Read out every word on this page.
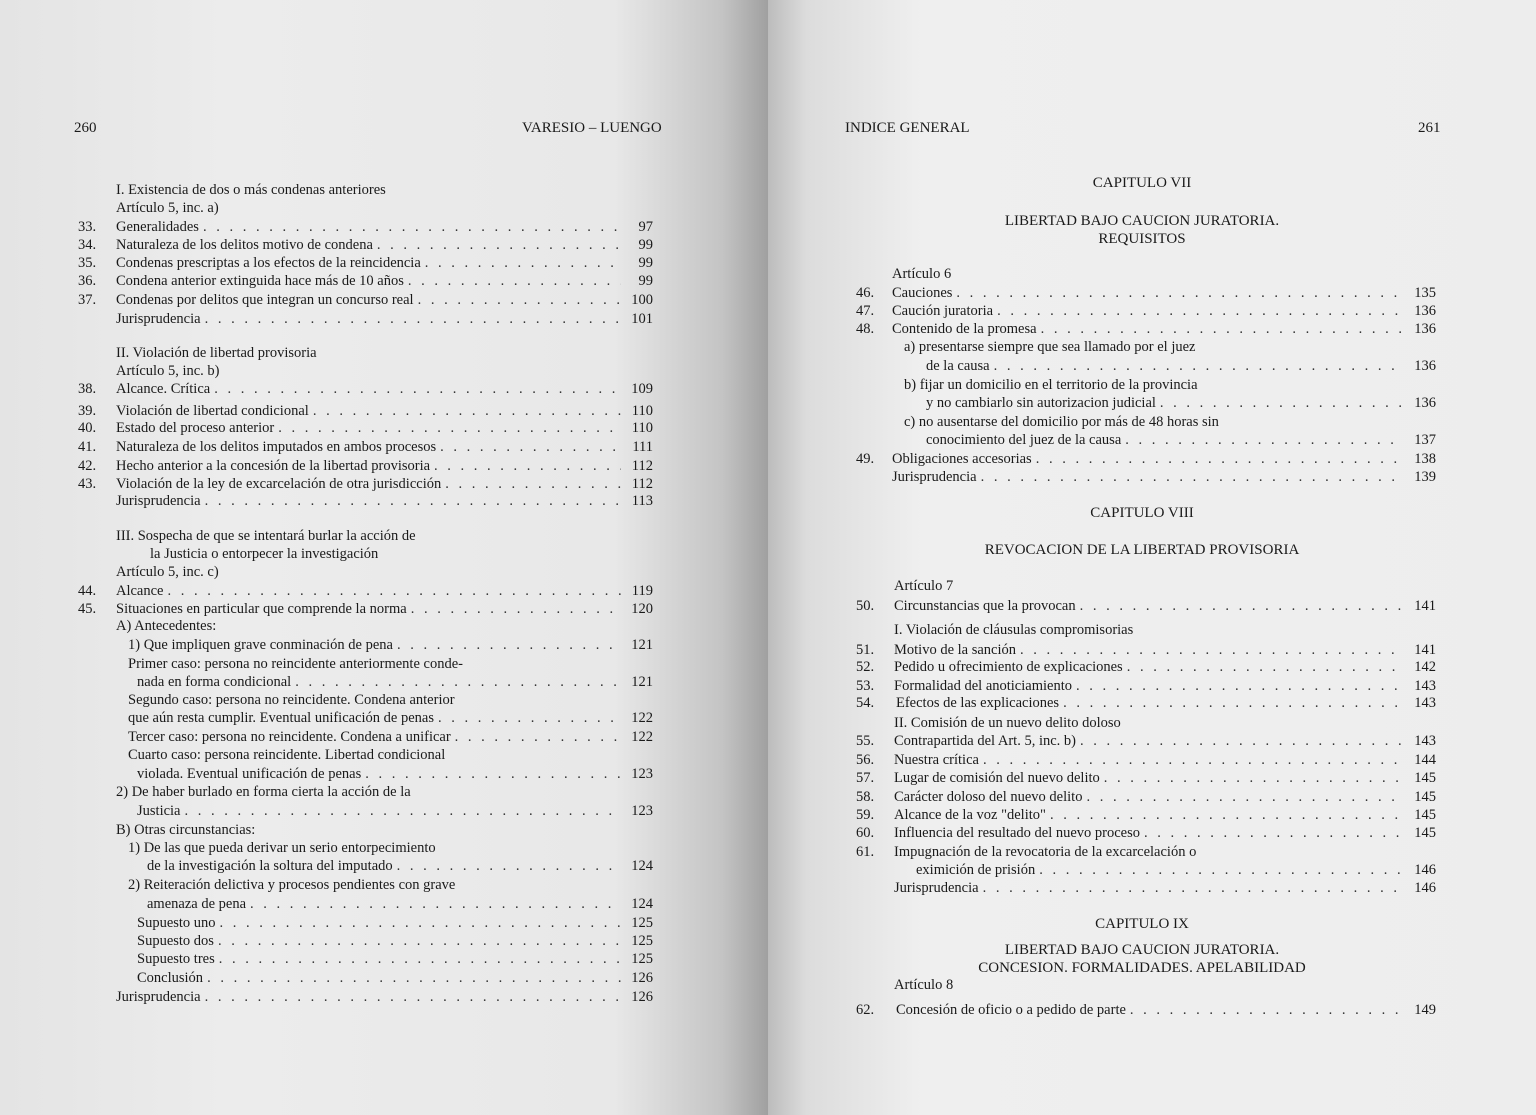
260	VARESIO – LUENGO
I. Existencia de dos o más condenas anteriores
Artículo 5, inc. a)
33.	Generalidades . . .	97
34.	Naturaleza de los delitos motivo de condena . . .	99
35.	Condenas prescriptas a los efectos de la reincidencia . . .	99
36.	Condena anterior extinguida hace más de 10 años . . .	99
37.	Condenas por delitos que integran un concurso real . . .	100
Jurisprudencia . . .	101
II. Violación de libertad provisoria
Artículo 5, inc. b)
38.	Alcance. Crítica . . .	109
39.	Violación de libertad condicional . . .	110
40.	Estado del proceso anterior . . .	110
41.	Naturaleza de los delitos imputados en ambos procesos . . .	111
42.	Hecho anterior a la concesión de la libertad provisoria . . .	112
43.	Violación de la ley de excarcelación de otra jurisdicción . . .	112
Jurisprudencia . . .	113
III. Sospecha de que se intentará burlar la acción de
la Justicia o entorpecer la investigación
Artículo 5, inc. c)
44.	Alcance . . .	119
45.	Situaciones en particular que comprende la norma . . .	120
A) Antecedentes:
1) Que impliquen grave conminación de pena . . .	121
Primer caso: persona no reincidente anteriormente conde-
nada en forma condicional . . .	121
Segundo caso: persona no reincidente. Condena anterior
que aún resta cumplir. Eventual unificación de penas . . .	122
Tercer caso: persona no reincidente. Condena a unificar . . .	122
Cuarto caso: persona reincidente. Libertad condicional
violada. Eventual unificación de penas . . .	123
2) De haber burlado en forma cierta la acción de la
Justicia . . .	123
B) Otras circunstancias:
1) De las que pueda derivar un serio entorpecimiento
de la investigación la soltura del imputado . . .	124
2) Reiteración delictiva y procesos pendientes con grave
amenaza de pena . . .	124
Supuesto uno . . .	125
Supuesto dos . . .	125
Supuesto tres . . .	125
Conclusión . . .	126
Jurisprudencia . . .	126
INDICE GENERAL	261
CAPITULO VII
LIBERTAD BAJO CAUCION JURATORIA.
REQUISITOS
CAPITULO VIII
REVOCACION DE LA LIBERTAD PROVISORIA
CAPITULO IX
LIBERTAD BAJO CAUCION JURATORIA.
CONCESION. FORMALIDADES. APELABILIDAD
Artículo 6
46.	Cauciones . . .	135
47.	Caución juratoria . . .	136
48.	Contenido de la promesa . . .	136
a) presentarse siempre que sea llamado por el juez
de la causa . . .	136
b) fijar un domicilio en el territorio de la provincia
y no cambiarlo sin autorizacion judicial . . .	136
c) no ausentarse del domicilio por más de 48 horas sin
conocimiento del juez de la causa . . .	137
49.	Obligaciones accesorias . . .	138
Jurisprudencia . . .	139
Artículo 7
50.	Circunstancias que la provocan . . .	141
I. Violación de cláusulas compromisorias
51.	Motivo de la sanción . . .	141
52.	Pedido u ofrecimiento de explicaciones . . .	142
53.	Formalidad del anoticiamiento . . .	143
54.	Efectos de las explicaciones . . .	143
II. Comisión de un nuevo delito doloso
55.	Contrapartida del Art. 5, inc. b) . . .	143
56.	Nuestra crítica . . .	144
57.	Lugar de comisión del nuevo delito . . .	145
58.	Carácter doloso del nuevo delito . . .	145
59.	Alcance de la voz "delito" . . .	145
60.	Influencia del resultado del nuevo proceso . . .	145
61.	Impugnación de la revocatoria de la excarcelación o
eximición de prisión . . .	146
Jurisprudencia . . .	146
Artículo 8
62.	Concesión de oficio o a pedido de parte . . .	149
